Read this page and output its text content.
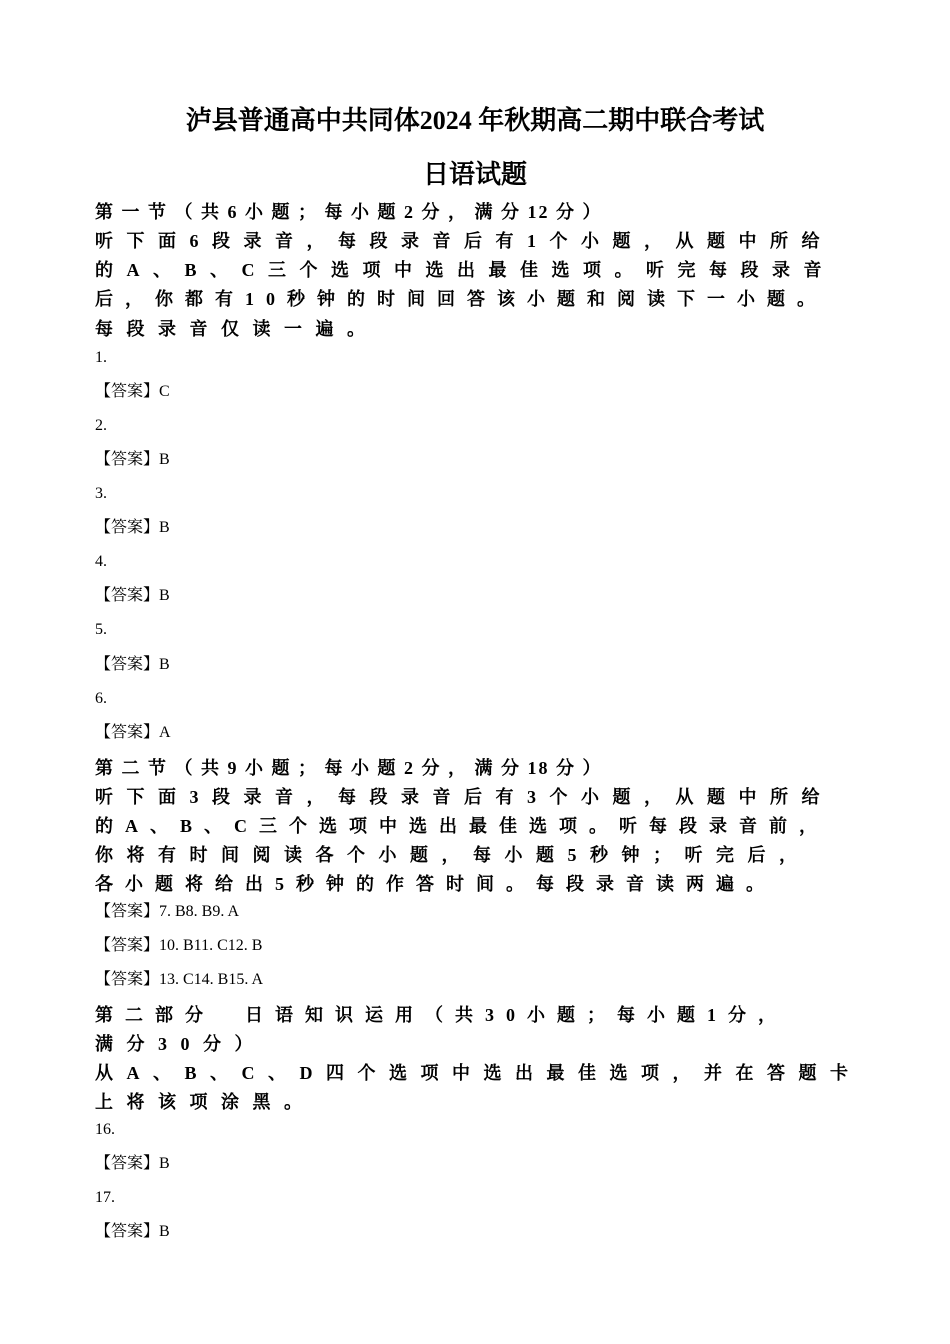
泸县普通高中共同体2024 年秋期高二期中联合考试
日语试题
第 一 节 （ 共 6 小 题 ； 每 小 题 2 分 ， 满 分 12 分 ）
听下面6段录音，每段录音后有1个小题，从题中所给
的A、B、C三个选项中选出最佳选项。听完每段录音
后，你都有10秒钟的时间回答该小题和阅读下一小题。
每段录音仅读一遍。
1.
【答案】C
2.
【答案】B
3.
【答案】B
4.
【答案】B
5.
【答案】B
6.
【答案】A
第 二 节 （ 共 9 小 题 ； 每 小 题 2 分 ， 满 分 18 分 ）
听下面3段录音，每段录音后有3个小题，从题中所给
的A、B、C三个选项中选出最佳选项。听每段录音前，
你将有时间阅读各个小题，每小题5秒钟；听完后，
各小题将给出5秒钟的作答时间。每段录音读两遍。
【答案】7. B8. B9. A
【答案】10. B11. C12. B
【答案】13. C14. B15. A
第二部分　日语知识运用（共30小题；每小题1分，
满分30分）
从A、B、C、D四个选项中选出最佳选项，并在答题卡
上将该项涂黑。
16.
【答案】B
17.
【答案】B
